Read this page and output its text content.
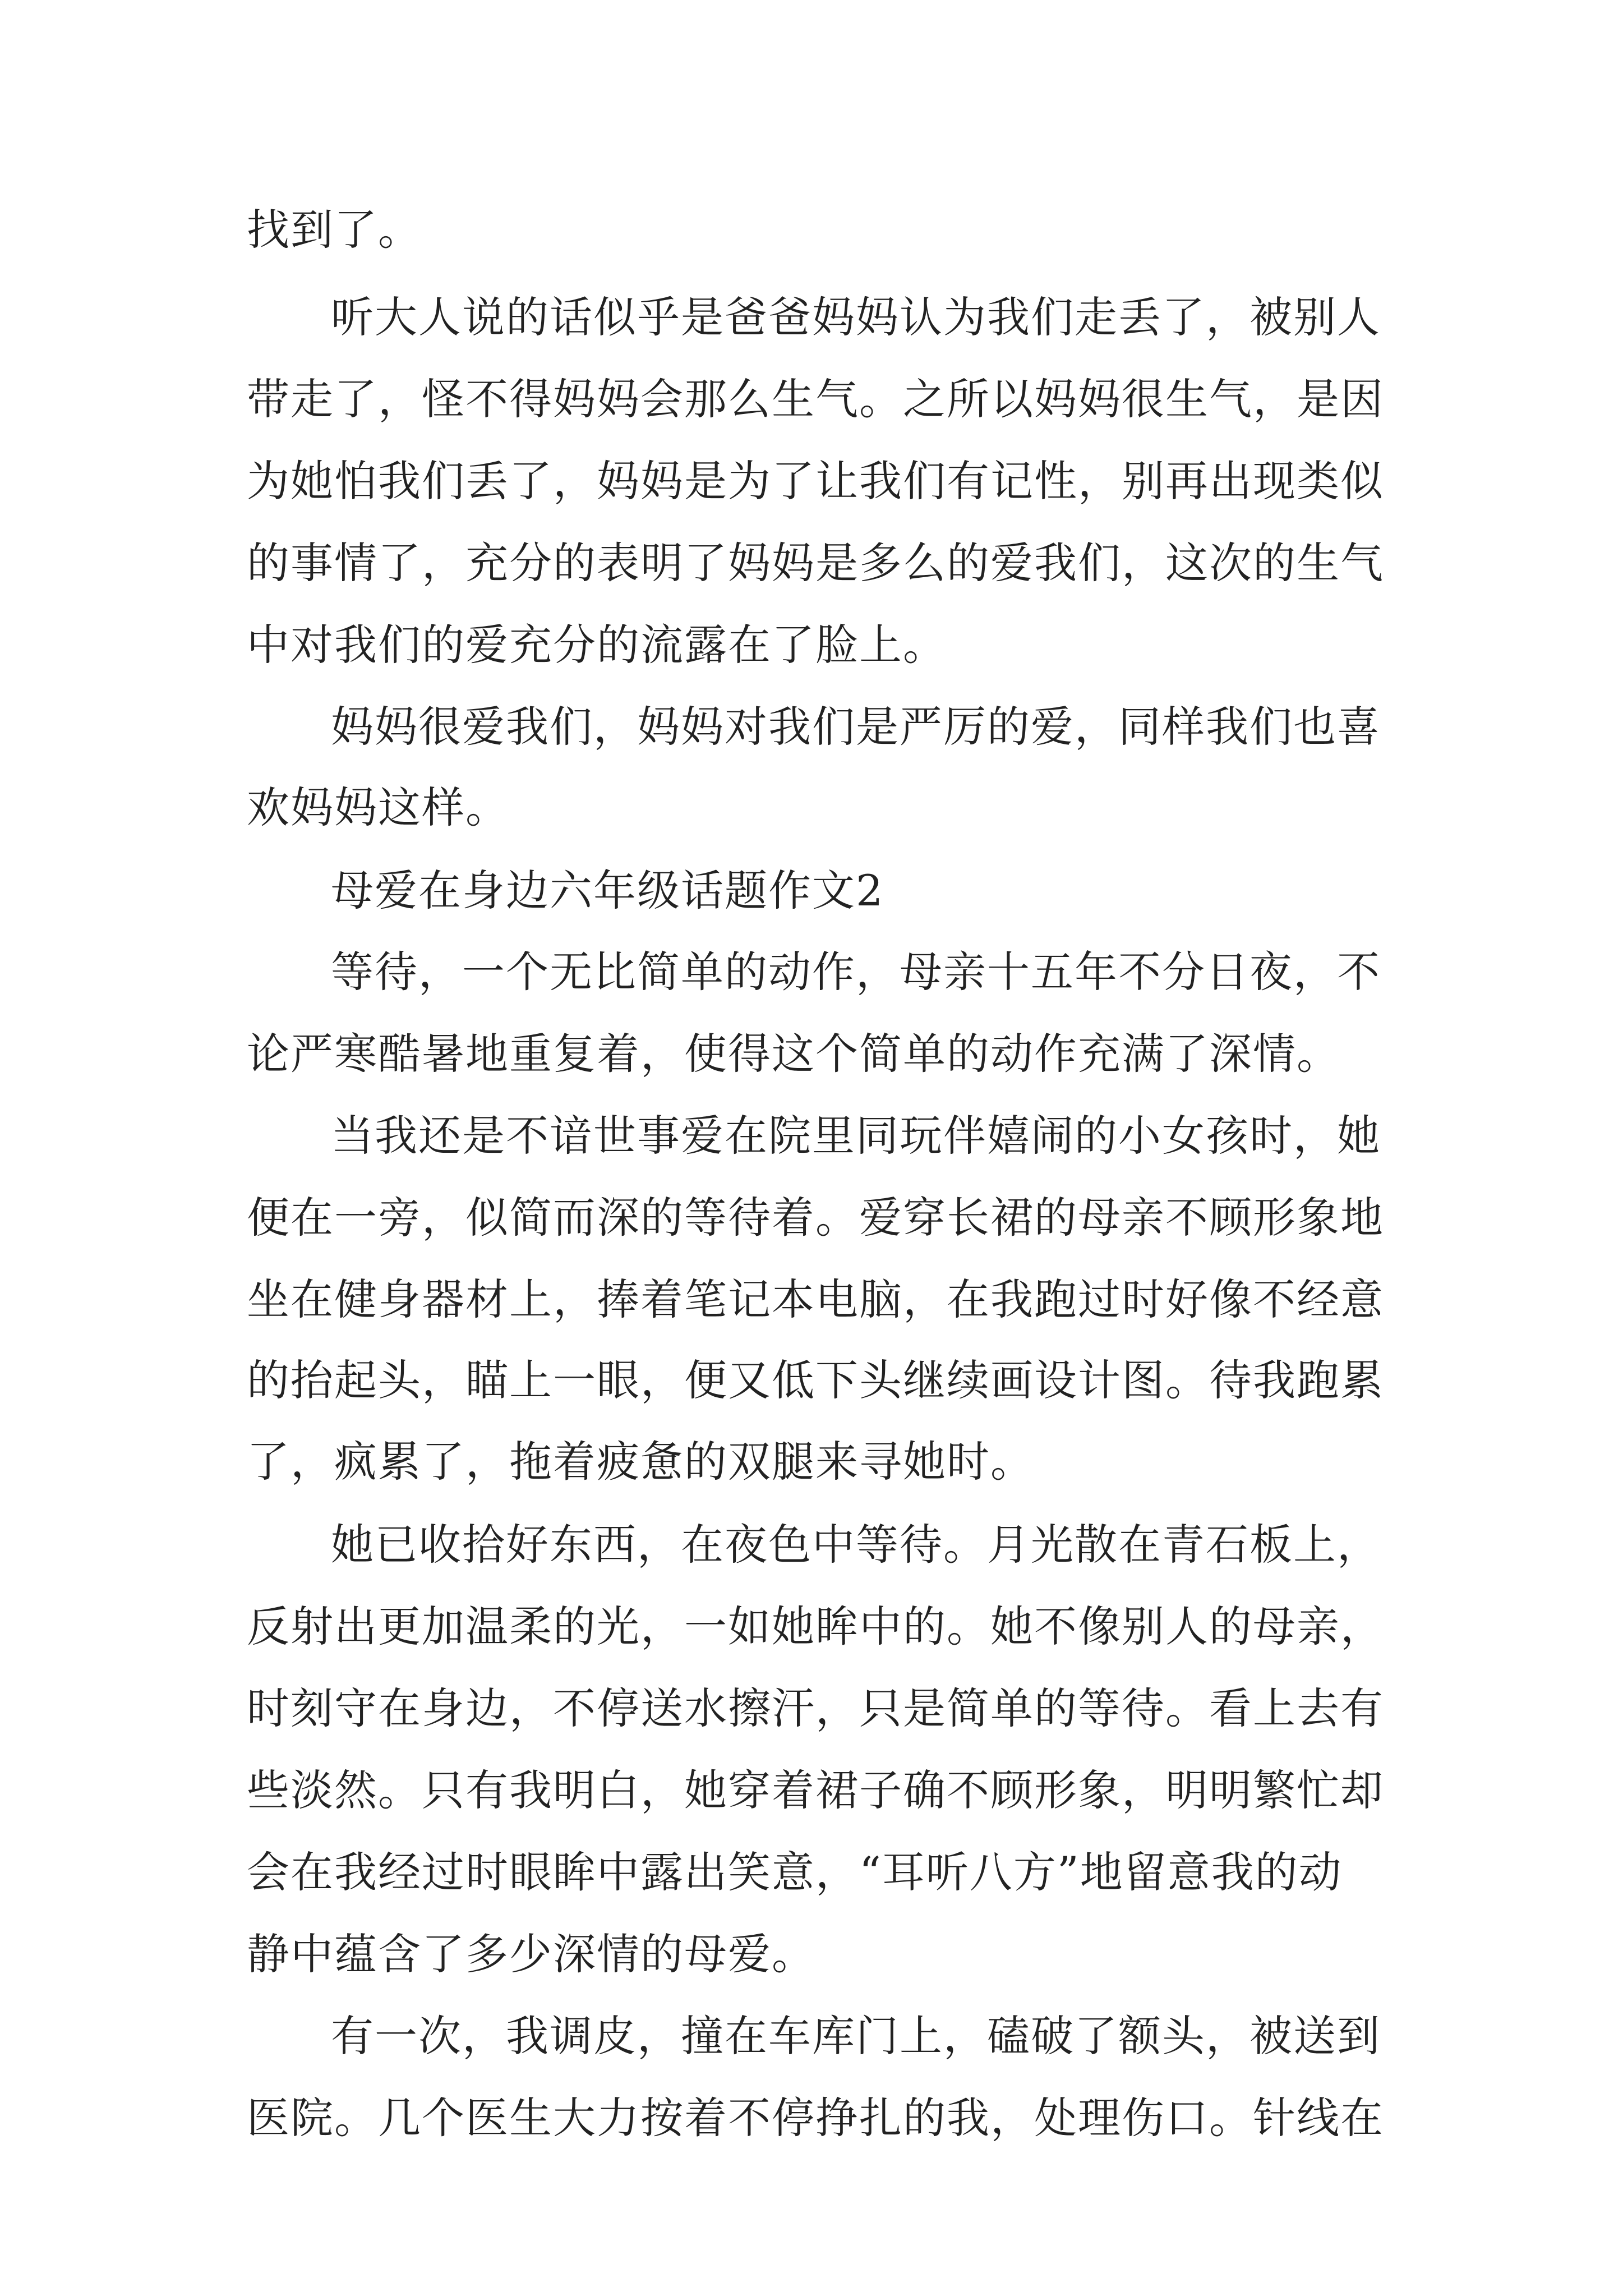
找到了。
听大人说的话似乎是爸爸妈妈认为我们走丢了，被别人
带走了，怪不得妈妈会那么生气。之所以妈妈很生气，是因
为她怕我们丢了，妈妈是为了让我们有记性，别再出现类似
的事情了，充分的表明了妈妈是多么的爱我们，这次的生气
中对我们的爱充分的流露在了脸上。
妈妈很爱我们，妈妈对我们是严厉的爱，同样我们也喜
欢妈妈这样。
母爱在身边六年级话题作文2
等待，一个无比简单的动作，母亲十五年不分日夜，不
论严寒酷暑地重复着，使得这个简单的动作充满了深情。
当我还是不谙世事爱在院里同玩伴嬉闹的小女孩时，她
便在一旁，似简而深的等待着。爱穿长裙的母亲不顾形象地
坐在健身器材上，捧着笔记本电脑，在我跑过时好像不经意
的抬起头，瞄上一眼，便又低下头继续画设计图。待我跑累
了，疯累了，拖着疲惫的双腿来寻她时。
她已收拾好东西，在夜色中等待。月光散在青石板上，
反射出更加温柔的光，一如她眸中的。她不像别人的母亲，
时刻守在身边，不停送水擦汗，只是简单的等待。看上去有
些淡然。只有我明白，她穿着裙子确不顾形象，明明繁忙却
会在我经过时眼眸中露出笑意，“耳听八方”地留意我的动
静中蕴含了多少深情的母爱。
有一次，我调皮，撞在车库门上，磕破了额头，被送到
医院。几个医生大力按着不停挣扎的我，处理伤口。针线在
